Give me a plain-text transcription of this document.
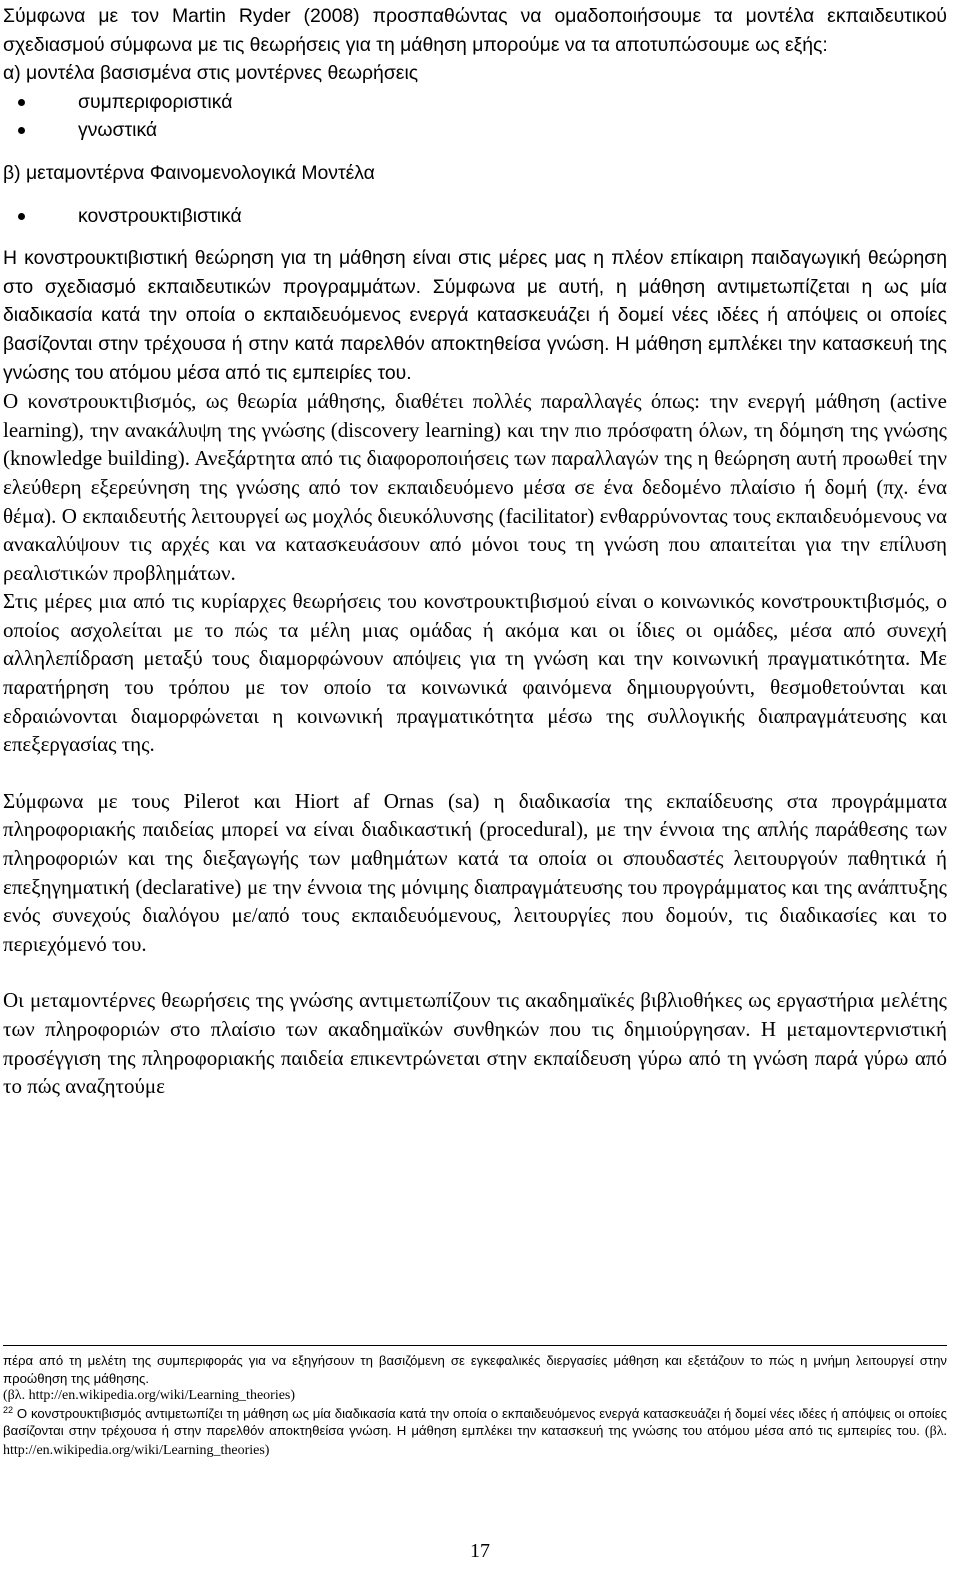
Σύμφωνα με τον Martin Ryder (2008) προσπαθώντας να ομαδοποιήσουμε τα μοντέλα εκπαιδευτικού σχεδιασμού σύμφωνα με τις θεωρήσεις για τη μάθηση μπορούμε να τα αποτυπώσουμε ως εξής:

α) μοντέλα βασισμένα στις μοντέρνες θεωρήσεις

συμπεριφοριστικά
γνωστικά

β) μεταμοντέρνα Φαινομενολογικά Μοντέλα

κονστρουκτιβιστικά

Η κονστρουκτιβιστική θεώρηση για τη μάθηση είναι στις μέρες μας η πλέον επίκαιρη παιδαγωγική θεώρηση στο σχεδιασμό εκπαιδευτικών προγραμμάτων. Σύμφωνα με αυτή, η μάθηση αντιμετωπίζεται η ως μία διαδικασία κατά την οποία ο εκπαιδευόμενος ενεργά κατασκευάζει ή δομεί νέες ιδέες ή απόψεις οι οποίες βασίζονται στην τρέχουσα ή στην κατά παρελθόν αποκτηθείσα γνώση. Η μάθηση εμπλέκει την κατασκευή της γνώσης του ατόμου μέσα από τις εμπειρίες του.

Ο κονστρουκτιβισμός, ως θεωρία μάθησης, διαθέτει πολλές παραλλαγές όπως: την ενεργή μάθηση (active learning), την ανακάλυψη της γνώσης (discovery learning) και την πιο πρόσφατη όλων, τη δόμηση της γνώσης (knowledge building). Ανεξάρτητα από τις διαφοροποιήσεις των παραλλαγών της η θεώρηση αυτή προωθεί την ελεύθερη εξερεύνηση της γνώσης από τον εκπαιδευόμενο μέσα σε ένα δεδομένο πλαίσιο ή δομή (πχ. ένα θέμα). Ο εκπαιδευτής λειτουργεί ως μοχλός διευκόλυνσης (facilitator) ενθαρρύνοντας τους εκπαιδευόμενους να ανακαλύψουν τις αρχές και να κατασκευάσουν από μόνοι τους τη γνώση που απαιτείται για την επίλυση ρεαλιστικών προβλημάτων.

Στις μέρες μια από τις κυρίαρχες θεωρήσεις του κονστρουκτιβισμού είναι ο κοινωνικός κονστρουκτιβισμός, ο οποίος ασχολείται με το πώς τα μέλη μιας ομάδας ή ακόμα και οι ίδιες οι ομάδες, μέσα από συνεχή αλληλεπίδραση μεταξύ τους διαμορφώνουν απόψεις για τη γνώση και την κοινωνική πραγματικότητα. Με παρατήρηση του τρόπου με τον οποίο τα κοινωνικά φαινόμενα δημιουργούντι, θεσμοθετούνται και εδραιώνονται διαμορφώνεται η κοινωνική πραγματικότητα μέσω της συλλογικής διαπραγμάτευσης και επεξεργασίας της.

Σύμφωνα με τους Pilerot και Hiort af Ornas (sa) η διαδικασία της εκπαίδευσης στα προγράμματα πληροφοριακής παιδείας μπορεί να είναι διαδικαστική (procedural), με την έννοια της απλής παράθεσης των πληροφοριών και της διεξαγωγής των μαθημάτων κατά τα οποία οι σπουδαστές λειτουργούν παθητικά ή επεξηγηματική (declarative) με την έννοια της μόνιμης διαπραγμάτευσης του προγράμματος και της ανάπτυξης ενός συνεχούς διαλόγου με/από τους εκπαιδευόμενους, λειτουργίες που δομούν, τις διαδικασίες και το περιεχόμενό του.

Οι μεταμοντέρνες θεωρήσεις της γνώσης αντιμετωπίζουν τις ακαδημαϊκές βιβλιοθήκες ως εργαστήρια μελέτης των πληροφοριών στο πλαίσιο των ακαδημαϊκών συνθηκών που τις δημιούργησαν. Η μεταμοντερνιστική προσέγγιση της πληροφοριακής παιδεία επικεντρώνεται στην εκπαίδευση γύρω από τη γνώση παρά γύρω από το πώς αναζητούμε

πέρα από τη μελέτη της συμπεριφοράς για να εξηγήσουν τη βασιζόμενη σε εγκεφαλικές διεργασίες μάθηση και εξετάζουν το πώς η μνήμη λειτουργεί στην προώθηση της μάθησης.

(βλ. http://en.wikipedia.org/wiki/Learning_theories)

$^{22}$ Ο κονστρουκτιβισμός αντιμετωπίζει τη μάθηση ως μία διαδικασία κατά την οποία ο εκπαιδευόμενος ενεργά κατασκευάζει ή δομεί νέες ιδέες ή απόψεις οι οποίες βασίζονται στην τρέχουσα ή στην παρελθόν αποκτηθείσα γνώση. Η μάθηση εμπλέκει την κατασκευή της γνώσης του ατόμου μέσα από τις εμπειρίες του. (βλ. http://en.wikipedia.org/wiki/Learning_theories)

17
